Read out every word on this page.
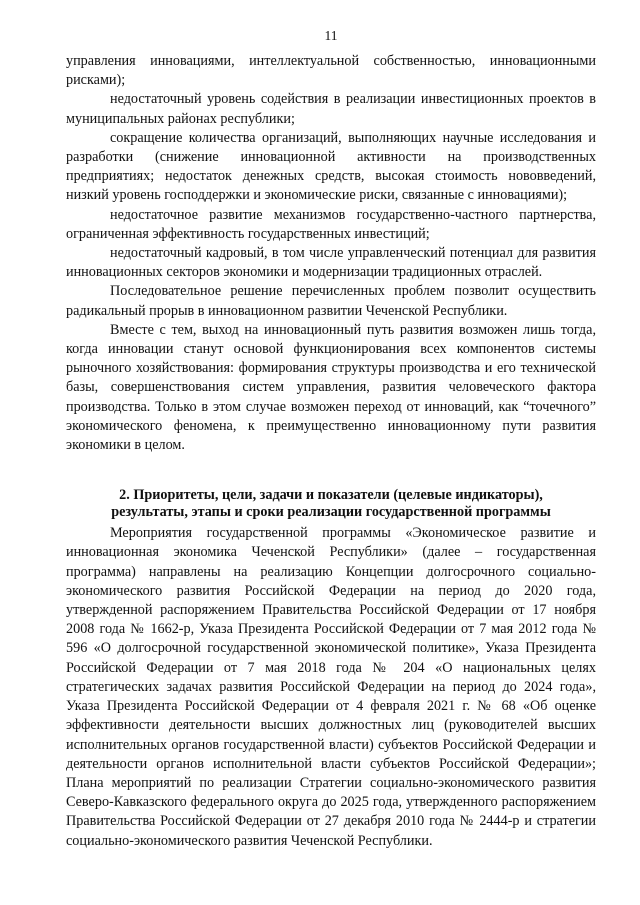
11

управления инновациями, интеллектуальной собственностью, инновационными рисками);

недостаточный уровень содействия в реализации инвестиционных проектов в муниципальных районах республики;

сокращение количества организаций, выполняющих научные исследования и разработки (снижение инновационной активности на производственных предприятиях; недостаток денежных средств, высокая стоимость нововведений, низкий уровень господдержки и экономические риски, связанные с инновациями);

недостаточное развитие механизмов государственно-частного партнерства, ограниченная эффективность государственных инвестиций;

недостаточный кадровый, в том числе управленческий потенциал для развития инновационных секторов экономики и модернизации традиционных отраслей.

Последовательное решение перечисленных проблем позволит осуществить радикальный прорыв в инновационном развитии Чеченской Республики.

Вместе с тем, выход на инновационный путь развития возможен лишь тогда, когда инновации станут основой функционирования всех компонентов системы рыночного хозяйствования: формирования структуры производства и его технической базы, совершенствования систем управления, развития человеческого фактора производства. Только в этом случае возможен переход от инноваций, как “точечного” экономического феномена, к преимущественно инновационному пути развития экономики в целом.

2. Приоритеты, цели, задачи и показатели (целевые индикаторы),
результаты, этапы и сроки реализации государственной программы

Мероприятия государственной программы «Экономическое развитие и инновационная экономика Чеченской Республики» (далее – государственная программа) направлены на реализацию Концепции долгосрочного социально-экономического развития Российской Федерации на период до 2020 года, утвержденной распоряжением Правительства Российской Федерации от 17 ноября 2008 года № 1662-р, Указа Президента Российской Федерации от 7 мая 2012 года № 596 «О долгосрочной государственной экономической политике», Указа Президента Российской Федерации от 7 мая 2018 года № 204 «О национальных целях стратегических задачах развития Российской Федерации на период до 2024 года», Указа Президента Российской Федерации от 4 февраля 2021 г. № 68 «Об оценке эффективности деятельности высших должностных лиц (руководителей высших исполнительных органов государственной власти) субъектов Российской Федерации и деятельности органов исполнительной власти субъектов Российской Федерации»; Плана мероприятий по реализации Стратегии социально-экономического развития Северо-Кавказского федерального округа до 2025 года, утвержденного распоряжением Правительства Российской Федерации от 27 декабря 2010 года № 2444-р и стратегии социально-экономического развития Чеченской Республики.
